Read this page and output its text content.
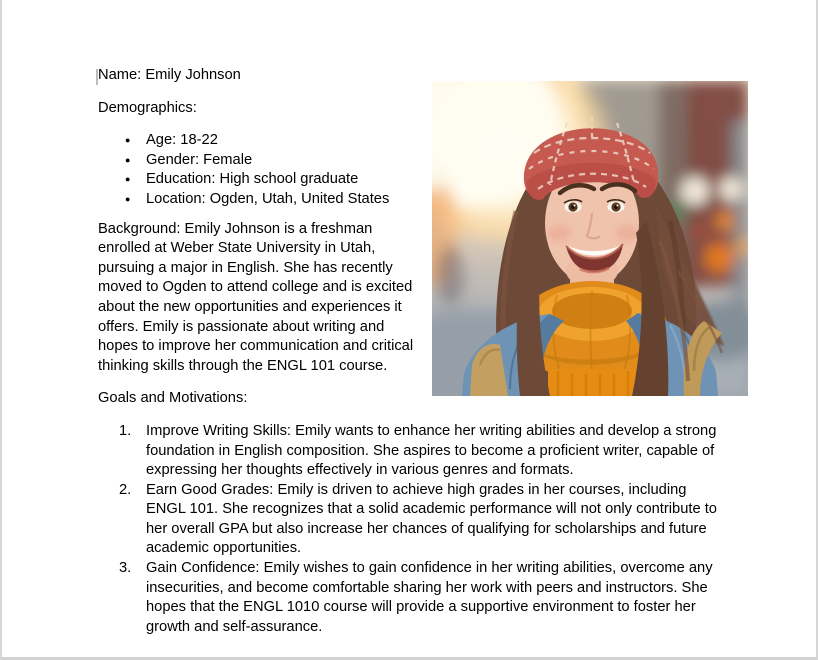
Name: Emily Johnson

Demographics:

● Age: 18-22
● Gender: Female
● Education: High school graduate
● Location: Ogden, Utah, United States

Background: Emily Johnson is a freshman enrolled at Weber State University in Utah, pursuing a major in English. She has recently moved to Ogden to attend college and is excited about the new opportunities and experiences it offers. Emily is passionate about writing and hopes to improve her communication and critical thinking skills through the ENGL 101 course.

Goals and Motivations:

Improve Writing Skills: Emily wants to enhance her writing abilities and develop a strong foundation in English composition. She aspires to become a proficient writer, capable of expressing her thoughts effectively in various genres and formats.
Earn Good Grades: Emily is driven to achieve high grades in her courses, including ENGL 101. She recognizes that a solid academic performance will not only contribute to her overall GPA but also increase her chances of qualifying for scholarships and future academic opportunities.
Gain Confidence: Emily wishes to gain confidence in her writing abilities, overcome any insecurities, and become comfortable sharing her work with peers and instructors. She hopes that the ENGL 1010 course will provide a supportive environment to foster her growth and self-assurance.
